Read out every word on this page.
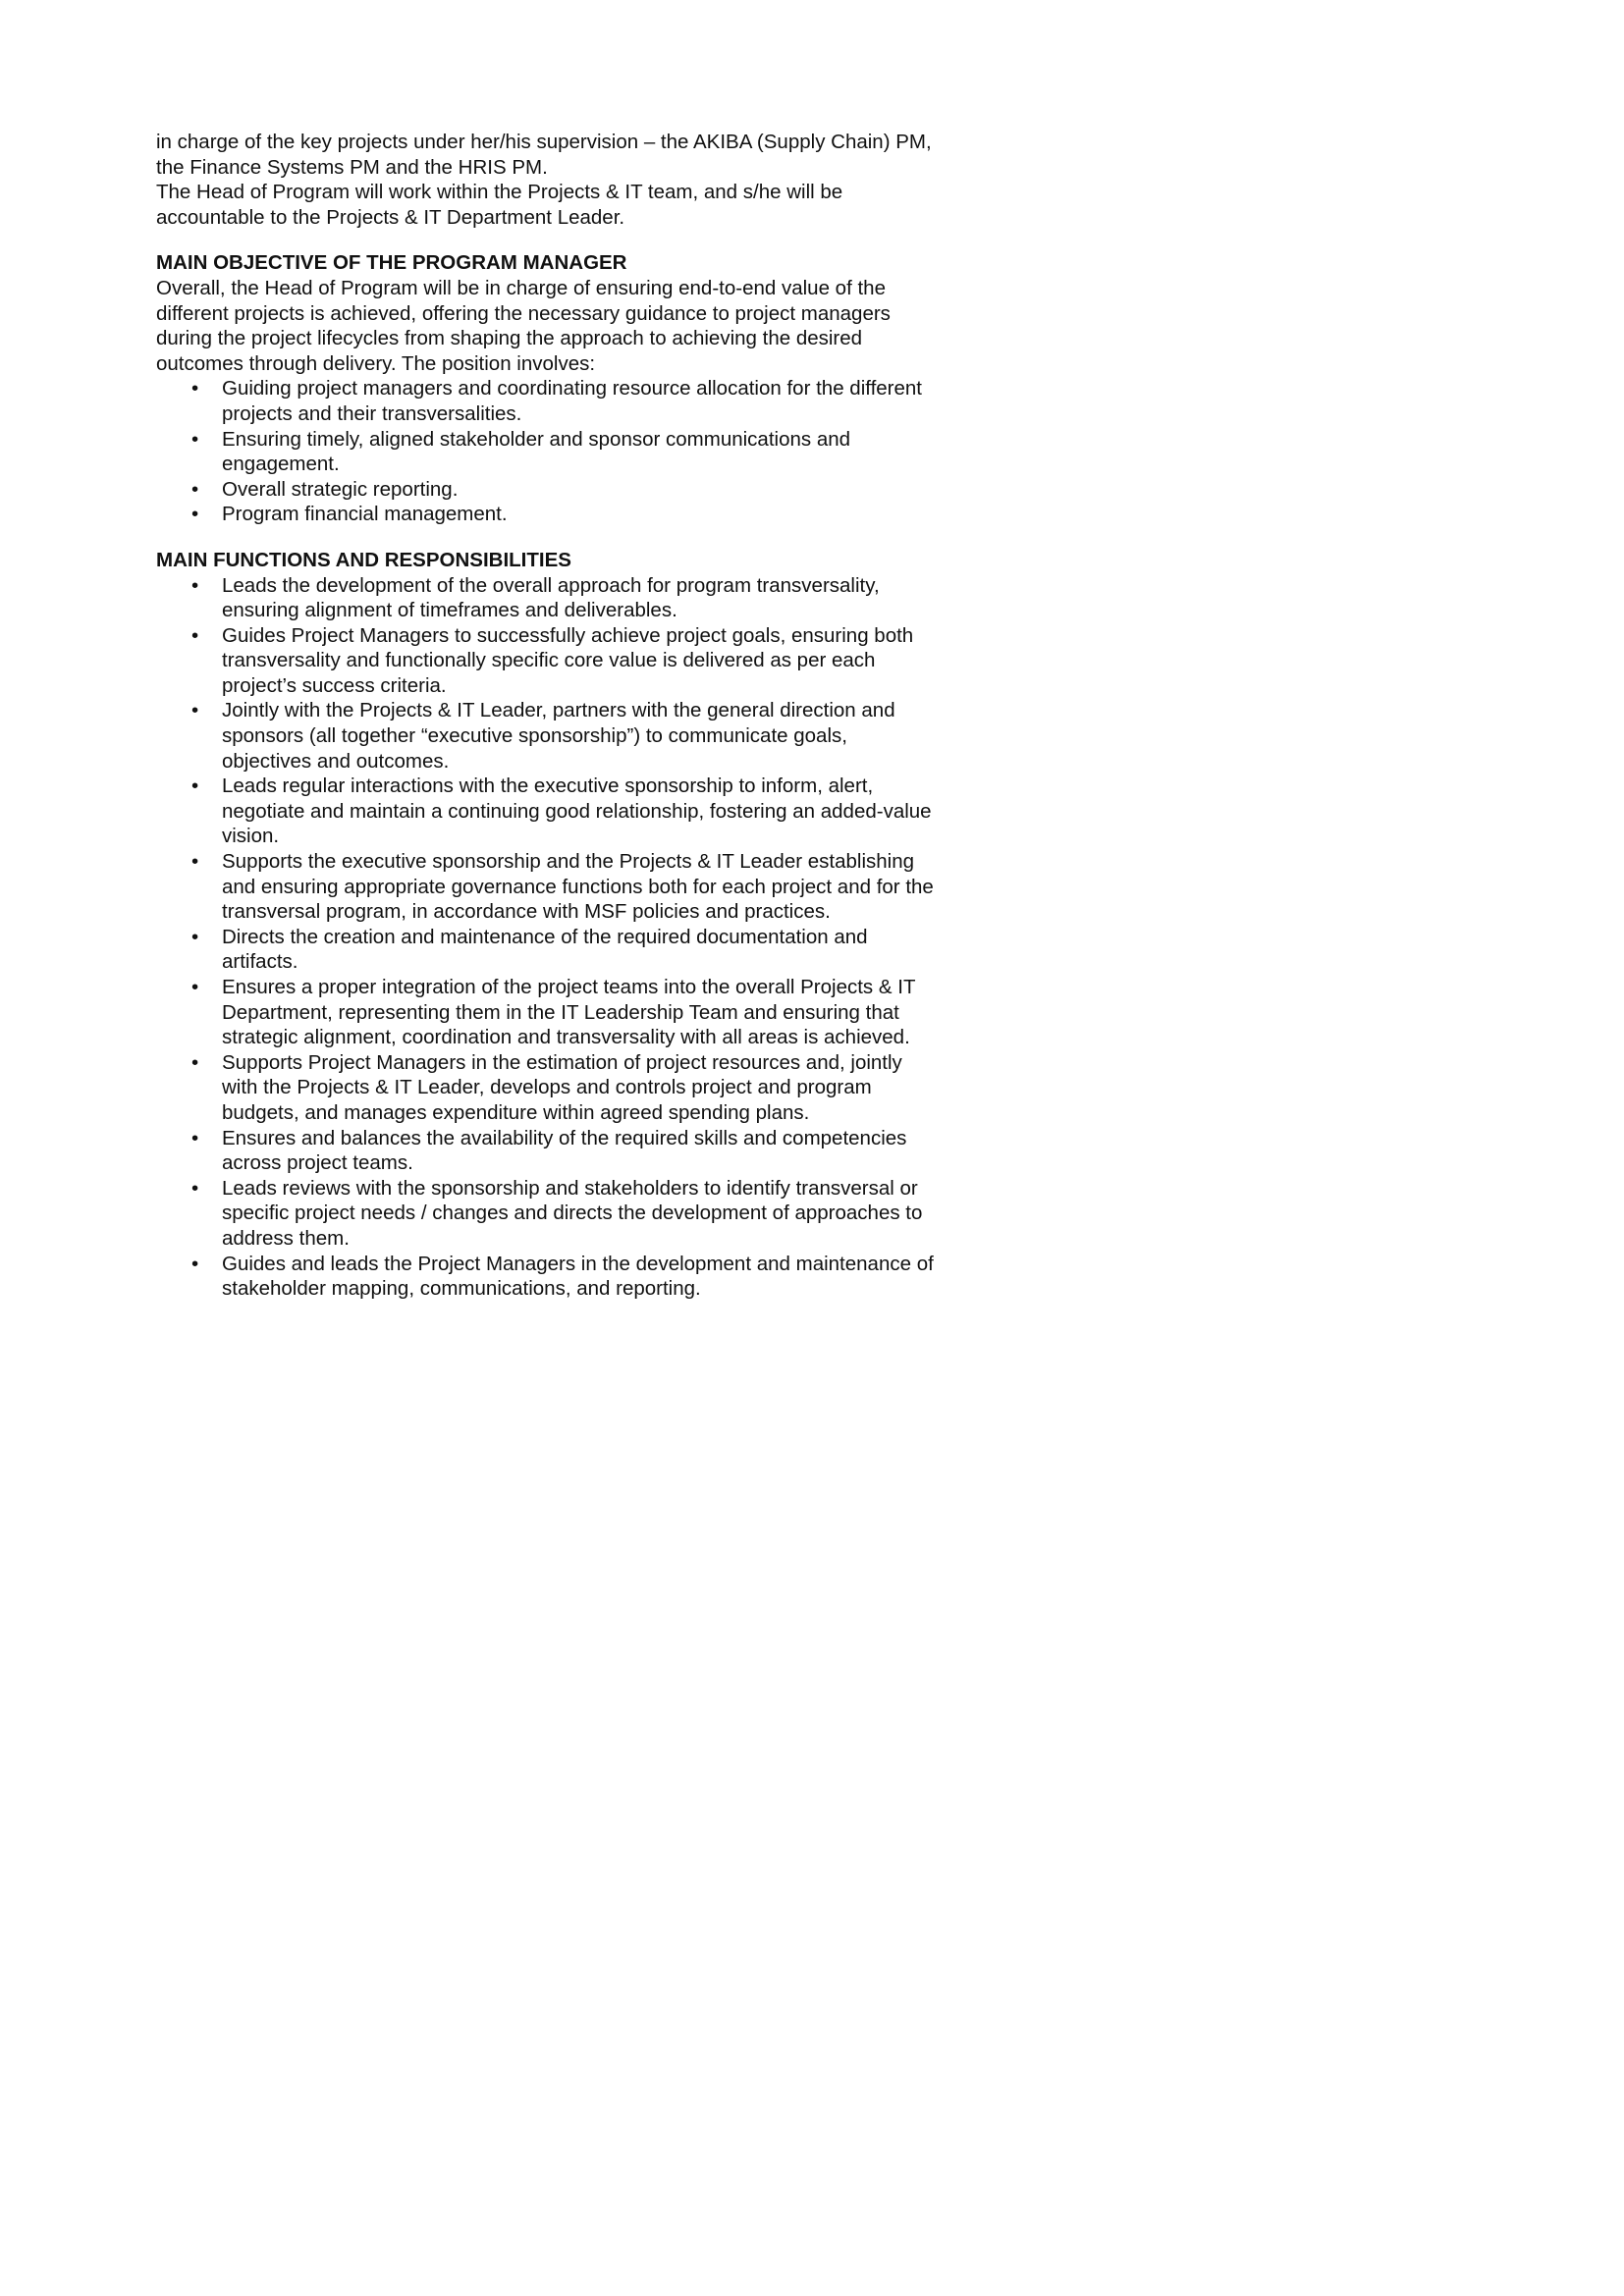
in charge of the key projects under her/his supervision – the AKIBA (Supply Chain) PM, the Finance Systems PM and the HRIS PM.

The Head of Program will work within the Projects & IT team, and s/he will be accountable to the Projects & IT Department Leader.

MAIN OBJECTIVE OF THE PROGRAM MANAGER

Overall, the Head of Program will be in charge of ensuring end-to-end value of the different projects is achieved, offering the necessary guidance to project managers during the project lifecycles from shaping the approach to achieving the desired outcomes through delivery. The position involves:

• Guiding project managers and coordinating resource allocation for the different projects and their transversalities.
• Ensuring timely, aligned stakeholder and sponsor communications and engagement.
• Overall strategic reporting.
• Program financial management.

MAIN FUNCTIONS AND RESPONSIBILITIES

• Leads the development of the overall approach for program transversality, ensuring alignment of timeframes and deliverables.
• Guides Project Managers to successfully achieve project goals, ensuring both transversality and functionally specific core value is delivered as per each project’s success criteria.
• Jointly with the Projects & IT Leader, partners with the general direction and sponsors (all together “executive sponsorship”) to communicate goals, objectives and outcomes.
• Leads regular interactions with the executive sponsorship to inform, alert, negotiate and maintain a continuing good relationship, fostering an added-value vision.
• Supports the executive sponsorship and the Projects & IT Leader establishing and ensuring appropriate governance functions both for each project and for the transversal program, in accordance with MSF policies and practices.
• Directs the creation and maintenance of the required documentation and artifacts.
• Ensures a proper integration of the project teams into the overall Projects & IT Department, representing them in the IT Leadership Team and ensuring that strategic alignment, coordination and transversality with all areas is achieved.
• Supports Project Managers in the estimation of project resources and, jointly with the Projects & IT Leader, develops and controls project and program budgets, and manages expenditure within agreed spending plans.
• Ensures and balances the availability of the required skills and competencies across project teams.
• Leads reviews with the sponsorship and stakeholders to identify transversal or specific project needs / changes and directs the development of approaches to address them.
• Guides and leads the Project Managers in the development and maintenance of stakeholder mapping, communications, and reporting.
